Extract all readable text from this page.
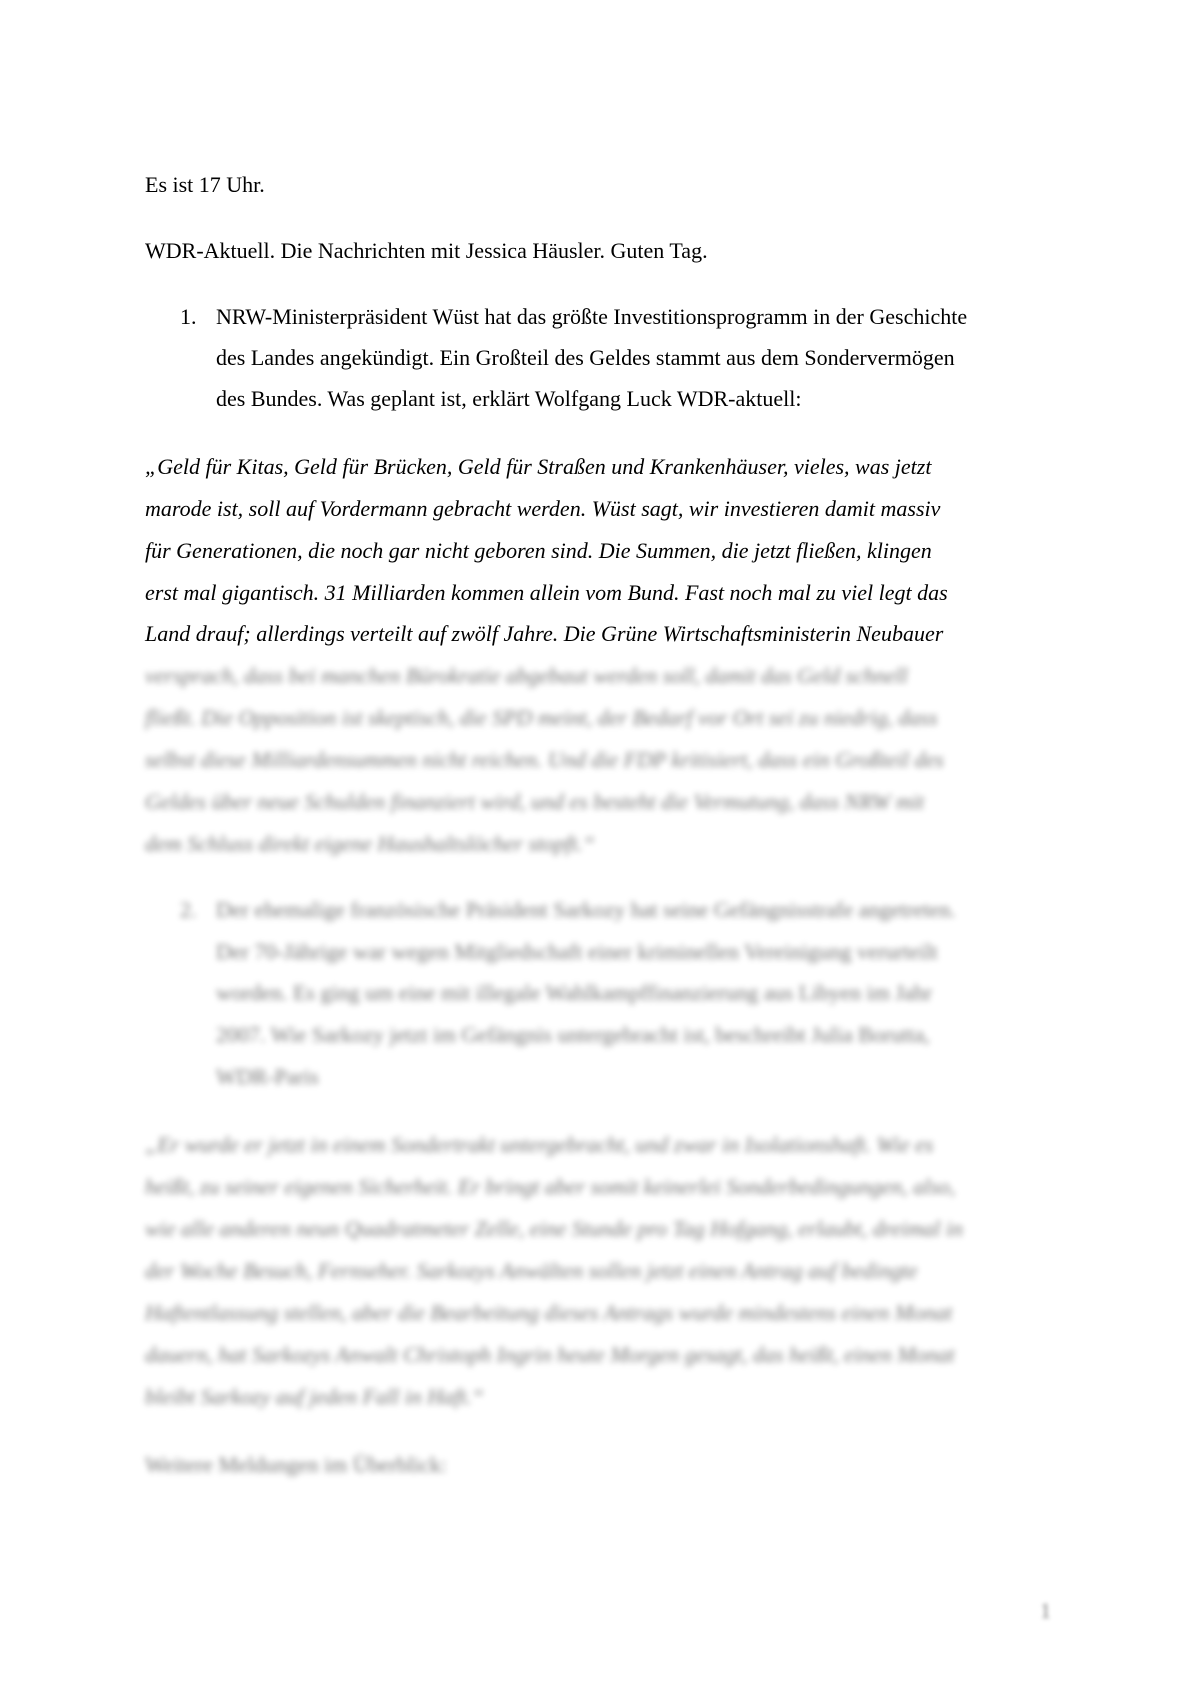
Es ist 17 Uhr.
WDR-Aktuell. Die Nachrichten mit Jessica Häusler. Guten Tag.
1. NRW-Ministerpräsident Wüst hat das größte Investitionsprogramm in der Geschichte
des Landes angekündigt. Ein Großteil des Geldes stammt aus dem Sondervermögen
des Bundes. Was geplant ist, erklärt Wolfgang Luck WDR-aktuell:
„Geld für Kitas, Geld für Brücken, Geld für Straßen und Krankenhäuser, vieles, was jetzt
marode ist, soll auf Vordermann gebracht werden. Wüst sagt, wir investieren damit massiv
für Generationen, die noch gar nicht geboren sind. Die Summen, die jetzt fließen, klingen
erst mal gigantisch. 31 Milliarden kommen allein vom Bund. Fast noch mal zu viel legt das
Land drauf; allerdings verteilt auf zwölf Jahre. Die Grüne Wirtschaftsministerin Neubauer
versprach, dass bei manchen Bürokratie abgebaut werden soll, damit das Geld schnell
fließt. Die Opposition ist skeptisch, die SPD meint, der Bedarf vor Ort sei zu niedrig, dass
selbst diese Milliardensummen nicht reichen. Und die FDP kritisiert, dass ein Großteil des
Geldes über neue Schulden finanziert wird, und es besteht die Vermutung, dass NRW mit
dem Schluss direkt eigene Haushaltslöcher stopft.“
2. Der ehemalige französische Präsident Sarkozy hat seine Gefängnisstrafe angetreten.
Der 70-Jährige war wegen Mitgliedschaft einer kriminellen Vereinigung verurteilt
worden. Es ging um eine mit illegale Wahlkampffinanzierung aus Libyen im Jahr
2007. Wie Sarkozy jetzt im Gefängnis untergebracht ist, beschreibt Julia Borutta,
WDR-Paris
„Er wurde er jetzt in einem Sondertrakt untergebracht, und zwar in Isolationshaft. Wie es
heißt, zu seiner eigenen Sicherheit. Er bringt aber somit keinerlei Sonderbedingungen, also,
wie alle anderen neun Quadratmeter Zelle, eine Stunde pro Tag Hofgang, erlaubt, dreimal in
der Woche Besuch, Fernseher. Sarkozys Anwälten sollen jetzt einen Antrag auf bedingte
Haftentlassung stellen, aber die Bearbeitung dieses Antrags wurde mindestens einen Monat
dauern, hat Sarkozys Anwalt Christoph Ingrin heute Morgen gesagt, das heißt, einen Monat
bleibt Sarkozy auf jeden Fall in Haft.“
Weitere Meldungen im Überblick:
1
